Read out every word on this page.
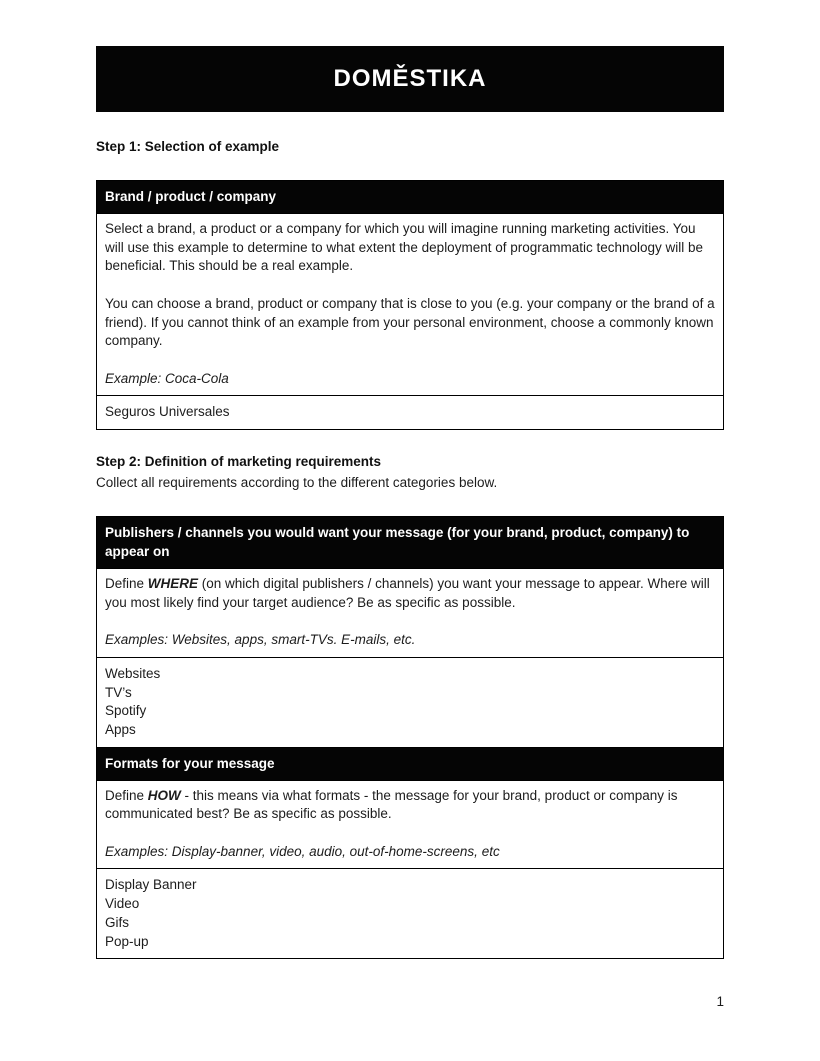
DOMĚSTIKA
Step 1: Selection of example
Brand / product / company

Select a brand, a product or a company for which you will imagine running marketing activities. You will use this example to determine to what extent the deployment of programmatic technology will be beneficial. This should be a real example.

You can choose a brand, product or company that is close to you (e.g. your company or the brand of a friend). If you cannot think of an example from your personal environment, choose a commonly known company.

Example: Coca-Cola

Seguros Universales
Step 2: Definition of marketing requirements

Collect all requirements according to the different categories below.

Publishers / channels you would want your message (for your brand, product, company) to appear on

Define WHERE (on which digital publishers / channels) you want your message to appear. Where will you most likely find your target audience? Be as specific as possible.

Examples: Websites, apps, smart-TVs. E-mails, etc.

Websites
TV’s
Spotify
Apps
Formats for your message

Define HOW - this means via what formats - the message for your brand, product or company is communicated best? Be as specific as possible.

Examples: Display-banner, video, audio, out-of-home-screens, etc

Display Banner
Video
Gifs
Pop-up
1
